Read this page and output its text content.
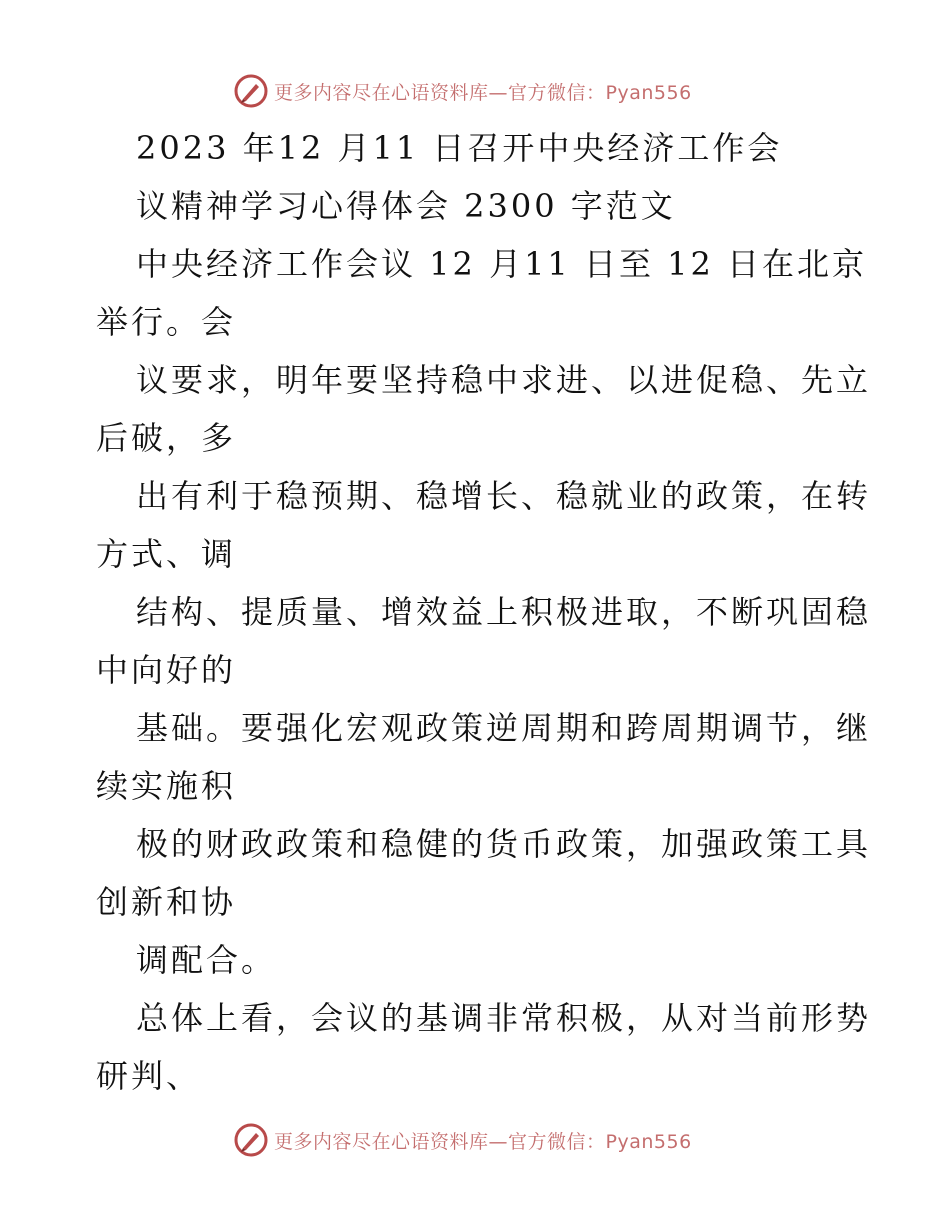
更多内容尽在心语资料库—官方微信：Pyan556
2023 年12 月11 日召开中央经济工作会
议精神学习心得体会 2300 字范文
中央经济工作会议 12 月11 日至 12 日在北京
举行。会
议要求，明年要坚持稳中求进、以进促稳、先立
后破，多
出有利于稳预期、稳增长、稳就业的政策，在转
方式、调
结构、提质量、增效益上积极进取，不断巩固稳
中向好的
基础。要强化宏观政策逆周期和跨周期调节，继
续实施积
极的财政政策和稳健的货币政策，加强政策工具
创新和协
调配合。
总体上看，会议的基调非常积极，从对当前形势
研判、
更多内容尽在心语资料库—官方微信：Pyan556
